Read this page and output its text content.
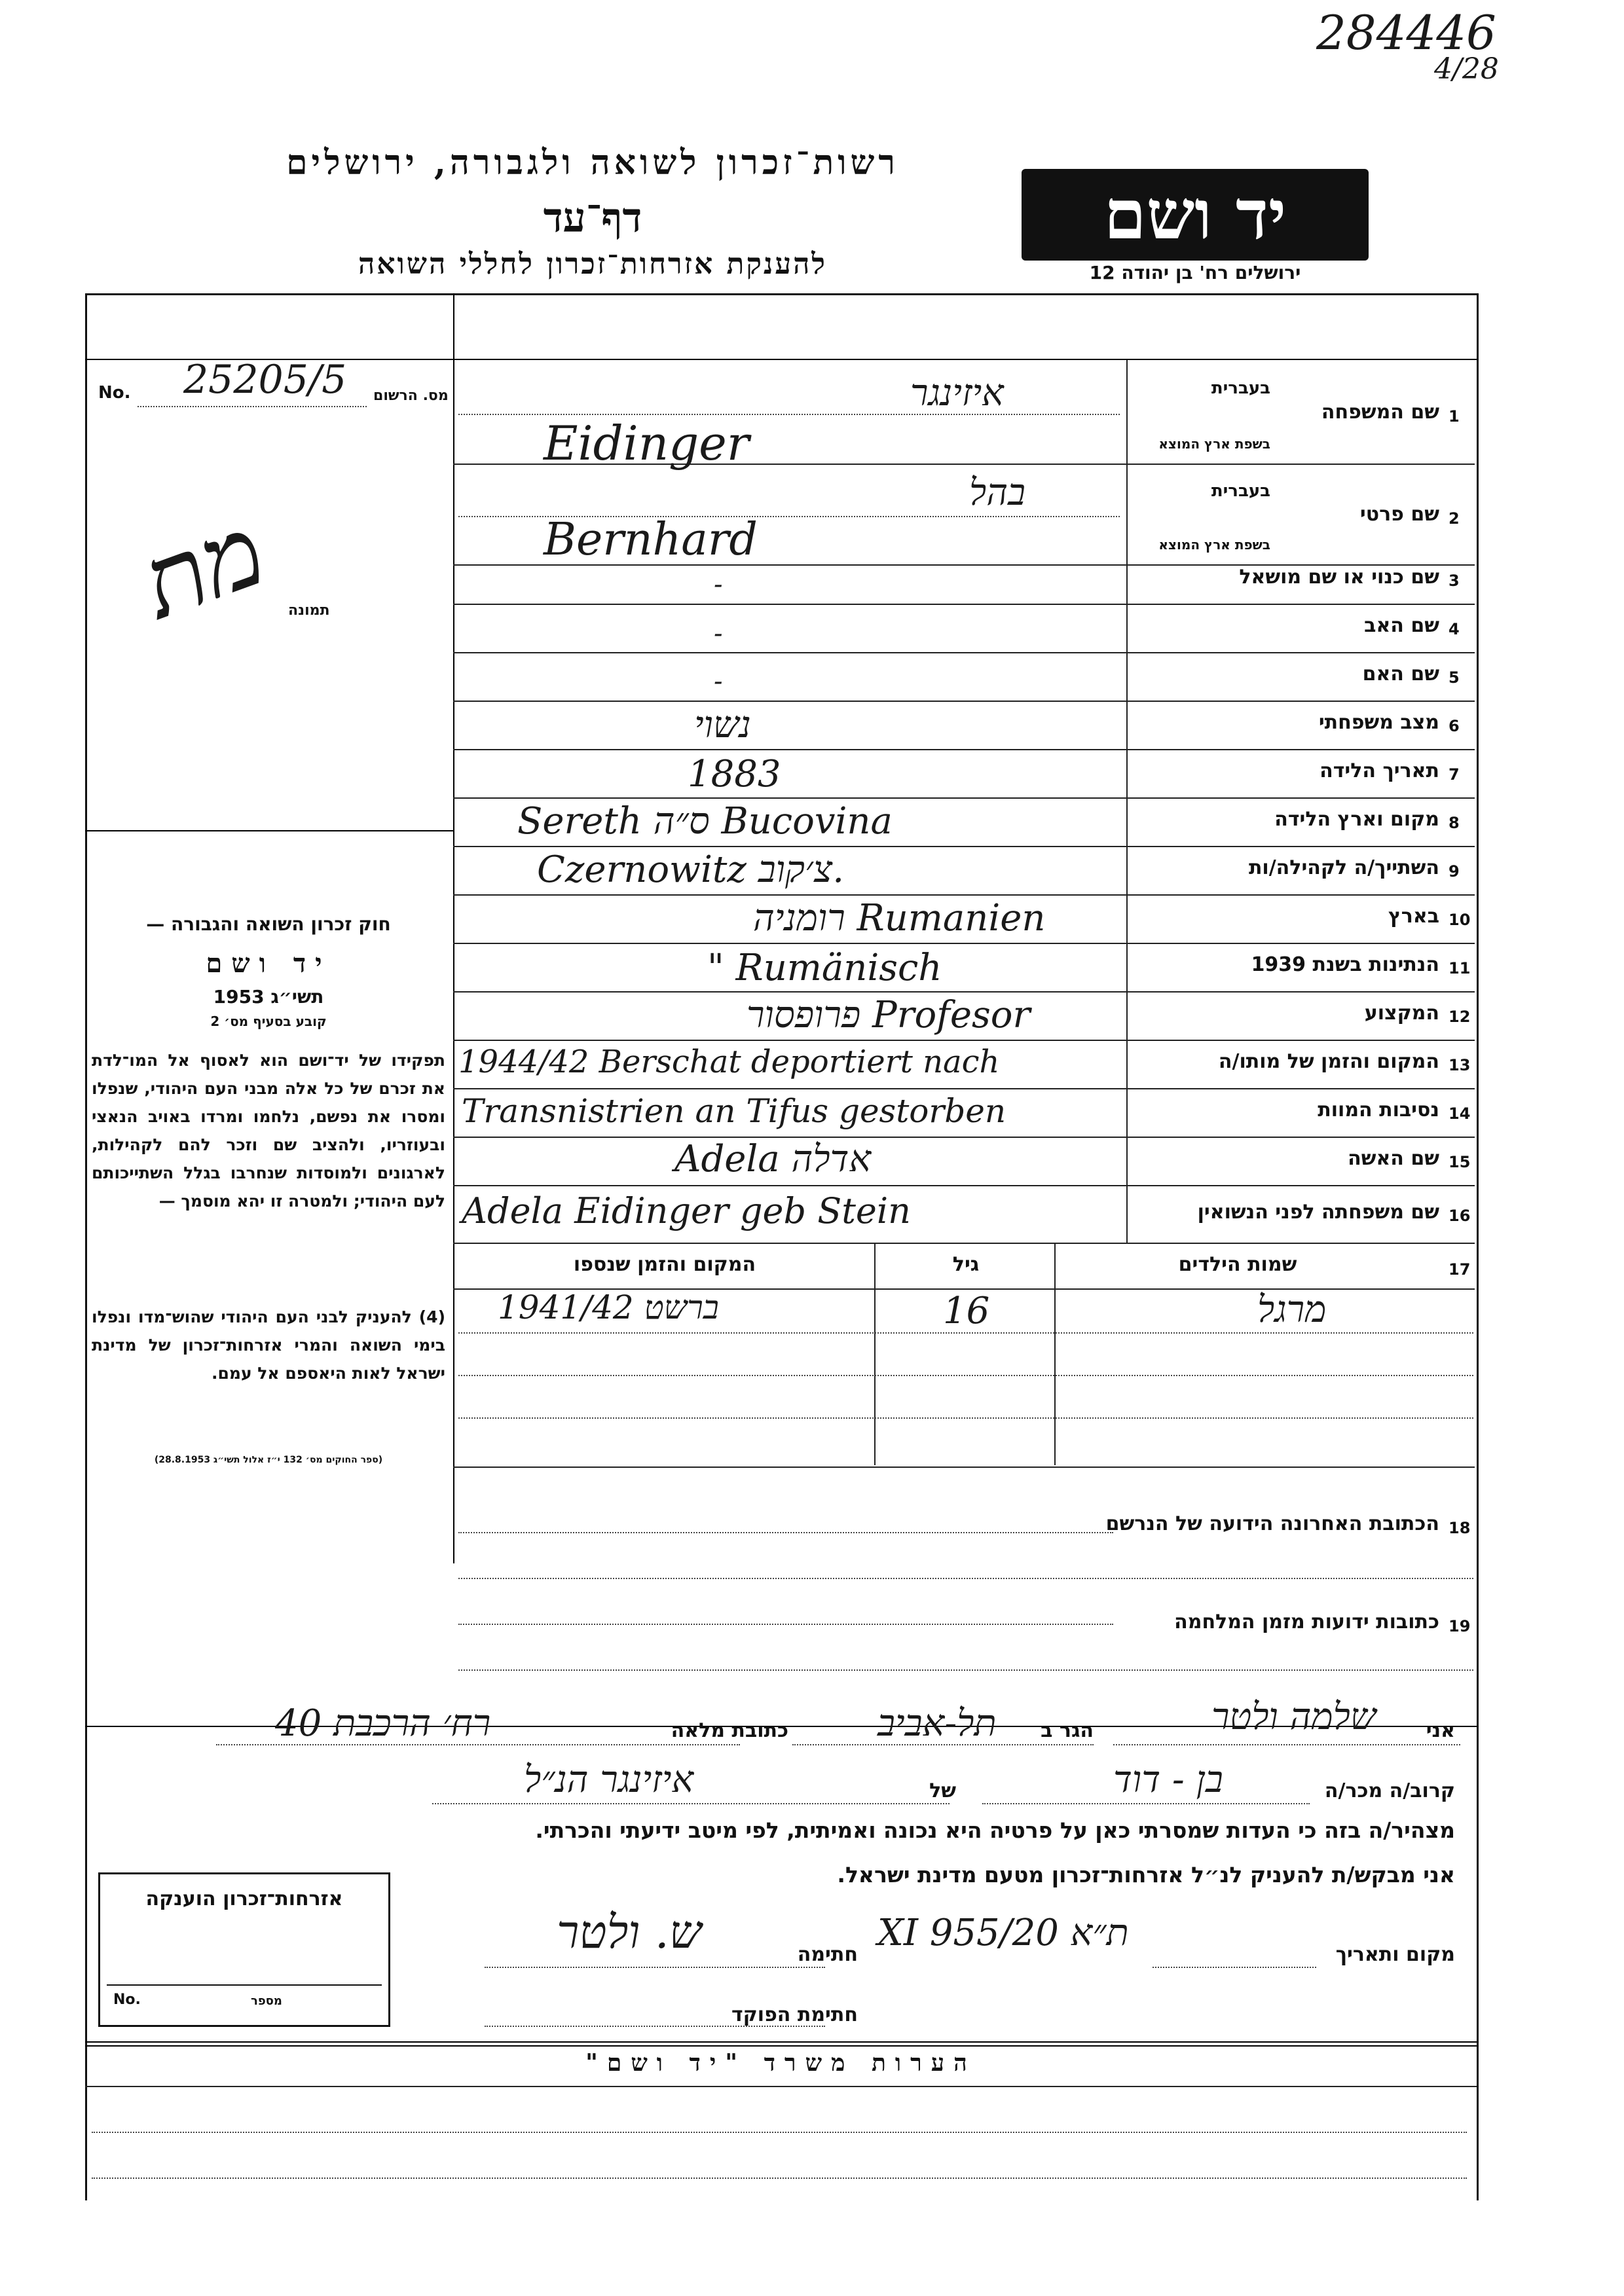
284446
4/28
רשות־זכרון לשואה ולגבורה, ירושלים
דף־עד
להענקת אזרחות־זכרון לחללי השואה
יד ושם
ירושלים רח' בן יהודה 12
No. 25205/5 מס. הרשום
תמונה
מת
חוק זכרון השואה והגבורה —
יד ושם
תשי״ג 1953
קובע בסעיף מס׳ 2
תפקידו של יד־ושם הוא לאסוף אל המו־לדת את זכרם של כל אלה מבני העם היהודי, שנפלו ומסרו את נפשם, נלחמו ומרדו באויב הנאצי ובעוזריו, ולהציב שם וזכר להם לקהילות, לארגונים ולמוסדות שנחרבו בגלל השתייכותם לעם היהודי; ולמטרה זו יהא מוסמך —
(4) להעניק לבני העם היהודי שהוש־מדו ונפלו בימי השואה והמרי אזרחות־זכרון של מדינת ישראל לאות היאספם אל עמם.
(ספר החוקים מס׳ 132 י״ז אלול תשי״ג 28.8.1953)
1
שם המשפחה
בעברית
בשפת ארץ המוצא
איזינגר
Eidinger
2
שם פרטי
בעברית
בשפת ארץ המוצא
בהל
Bernhard
3
שם כנוי או שם מושאל
-
4
שם האב
-
5
שם האם
-
6
מצב משפחתי
נשוי
7
תאריך הלידה
1883
8
מקום וארץ הלידה
Sereth ס״ה Bucovina
9
השתייך/ה לקהילה/ות
Czernowitz צ׳קוב.
10
בארץ
רומניה Rumanien
11
הנתינות בשנת 1939
" Rumänisch
12
המקצוע
פרופסור Profesor
13
המקום והזמן של מותו/ה
1944/42 Berschat deportiert nach
14
נסיבות המוות
Transnistrien an Tifus gestorben
15
שם האשה
Adela אדלה
16
שם משפחתה לפני הנשואין
Adela Eidinger geb Stein
17
שמות הילדים
גיל
המקום והזמן שנספו
מרגל
16
1941/42 ברשט
18
הכתובת האחרונה הידועה של הנרשם
19
כתובות ידועות מזמן המלחמה
אני
שלמה ולטר
הגר ב
תל-אביב
כתובת מלאה
רח׳ הרכבת 40
קרוב/ה מכר/ה
בן - דוד
של
איזינגר הנ״ל
מצהיר/ה בזה כי העדות שמסרתי כאן על פרטיה היא נכונה ואמיתית, לפי מיטב ידיעתי והכרתי.
אני מבקש/ת להעניק לנ״ל אזרחות־זכרון מטעם מדינת ישראל.
אזרחות־זכרון הוענקה
No.	מספר
מקום ותאריך
ת״א 20/XI 955
חתימה
ש. ולטר
חתימת הפוקד
הערות משרד "יד ושם"
